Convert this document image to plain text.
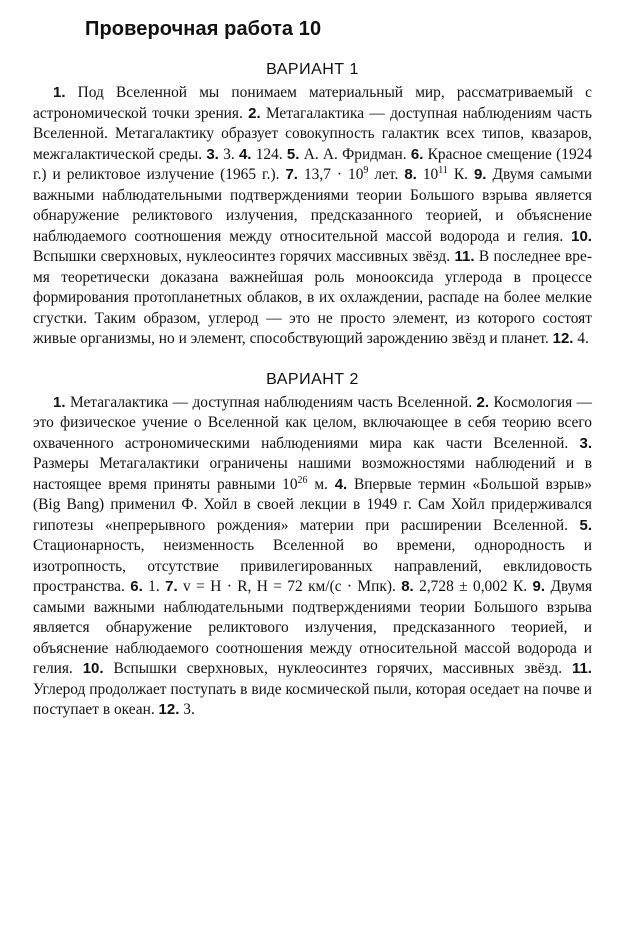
Проверочная работа 10
ВАРИАНТ 1

1. Под Вселенной мы понимаем материальный мир, рассматриваемый с астрономической точки зрения. 2. Метагалактика — доступная наблюдениям часть Вселенной. Метагалактику образует совокупность галактик всех типов, квазаров, межгалактической среды. 3. 3. 4. 124. 5. А. А. Фридман. 6. Красное смещение (1924 г.) и реликтовое излучение (1965 г.). 7. $13,7 \cdot 10^9$ лет. 8. $10^{11}$ К. 9. Двумя самыми важными наблюдательными подтверждениями теории Большого взрыва является обнаружение реликтового излучения, предсказанного теорией, и объяснение наблюдаемого соотношения между относительной массой водорода и гелия. 10. Вспышки сверхновых, нуклеосинтез горячих массивных звёзд. 11. В последнее время теоретически доказана важнейшая роль монооксида углерода в процессе формирования протопланетных облаков, в их охлаждении, распаде на более мелкие сгустки. Таким образом, углерод — это не просто элемент, из которого состоят живые организмы, но и элемент, способствующий зарождению звёзд и планет. 12. 4.

ВАРИАНТ 2

1. Метагалактика — доступная наблюдениям часть Вселенной. 2. Космология — это физическое учение о Вселенной как целом, включающее в себя теорию всего охваченного астрономическими наблюдениями мира как части Вселенной. 3. Размеры Метагалактики ограничены нашими возможностями наблюдений и в настоящее время приняты равными $10^{26}$ м. 4. Впервые термин «Большой взрыв» (Big Bang) применил Ф. Хойл в своей лекции в 1949 г. Сам Хойл придерживался гипотезы «непрерывного рождения» материи при расширении Вселенной. 5. Стационарность, неизменность Вселенной во времени, однородность и изотропность, отсутствие привилегированных направлений, евклидовость пространства. 6. 1. 7. v = H · R, H = 72 км/(с · Мпк). 8. 2,728 ± 0,002 К. 9. Двумя самыми важными наблюдательными подтверждениями теории Большого взрыва является обнаружение реликтового излучения, предсказанного теорией, и объяснение наблюдаемого соотношения между относительной массой водорода и гелия. 10. Вспышки сверхновых, нуклеосинтез горячих, массивных звёзд. 11. Углерод продолжает поступать в виде космической пыли, которая оседает на почве и поступает в океан. 12. 3.
